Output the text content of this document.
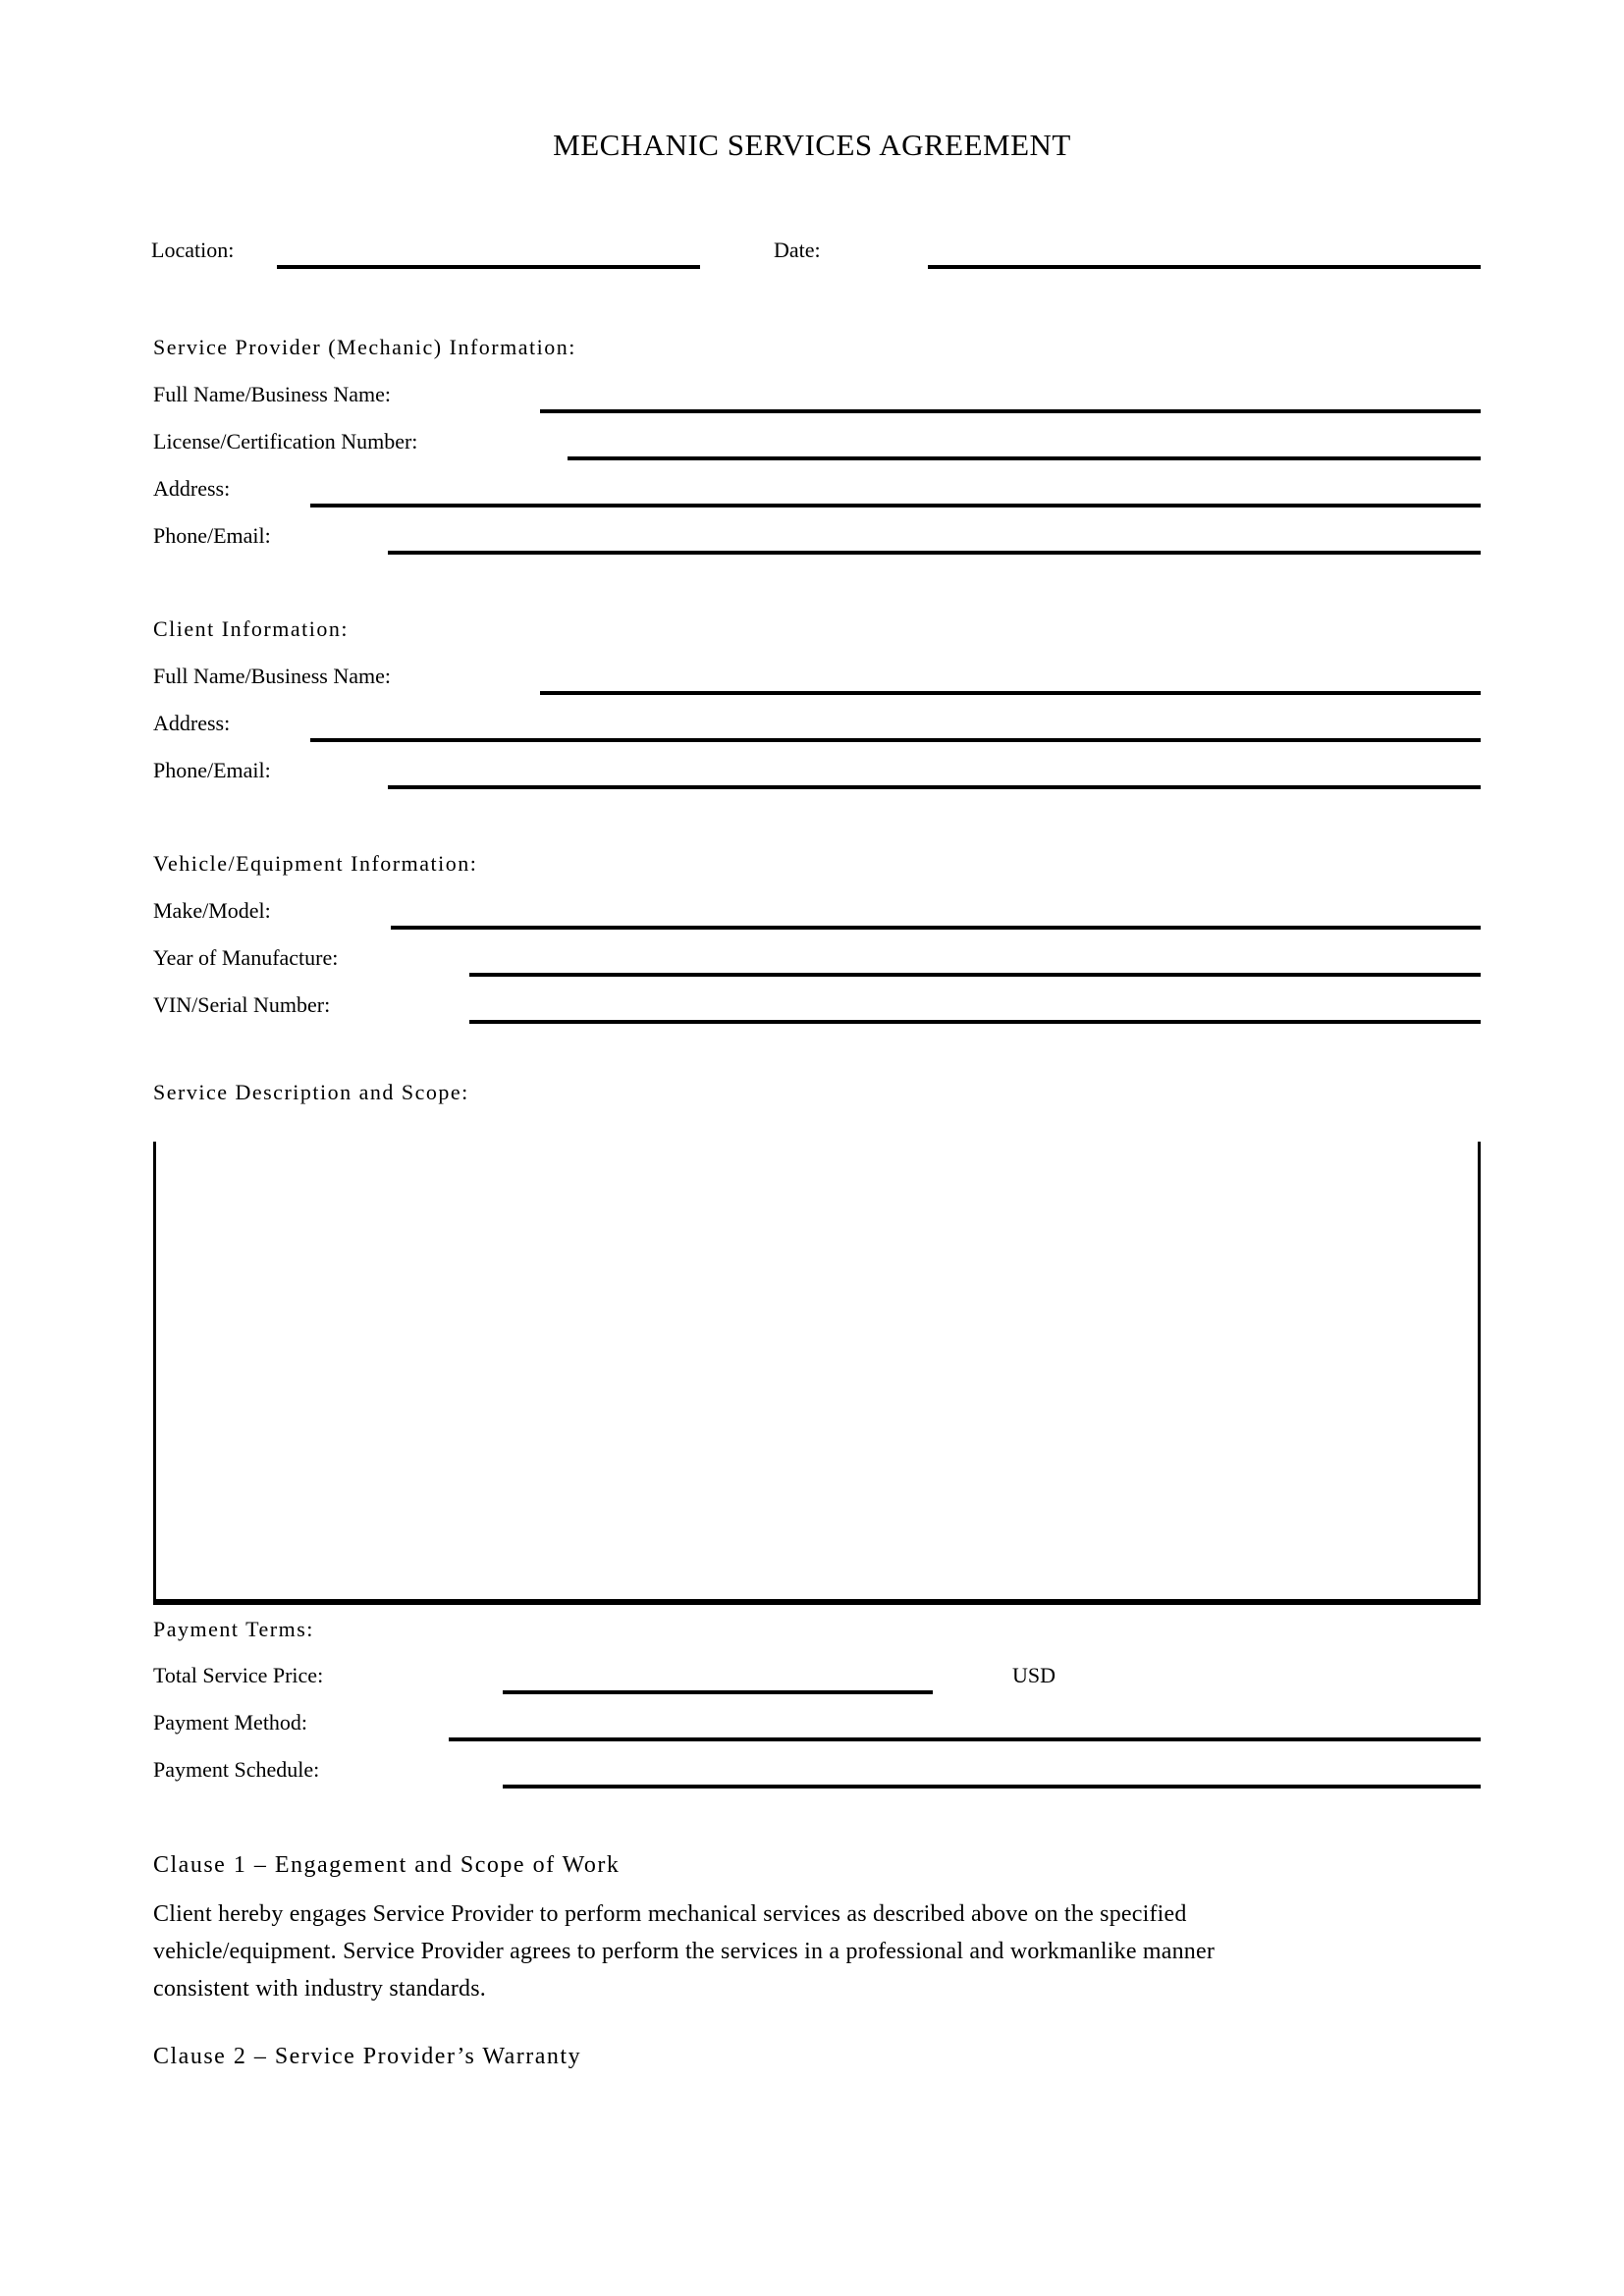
MECHANIC SERVICES AGREEMENT
Location:	Date:
Service Provider (Mechanic) Information:
Full Name/Business Name:
License/Certification Number:
Address:
Phone/Email:
Client Information:
Full Name/Business Name:
Address:
Phone/Email:
Vehicle/Equipment Information:
Make/Model:
Year of Manufacture:
VIN/Serial Number:
Service Description and Scope:
Payment Terms:
Total Service Price:	USD
Payment Method:
Payment Schedule:
Clause 1 – Engagement and Scope of Work
Client hereby engages Service Provider to perform mechanical services as described above on the specified
vehicle/equipment. Service Provider agrees to perform the services in a professional and workmanlike manner
consistent with industry standards.
Clause 2 – Service Provider’s Warranty
